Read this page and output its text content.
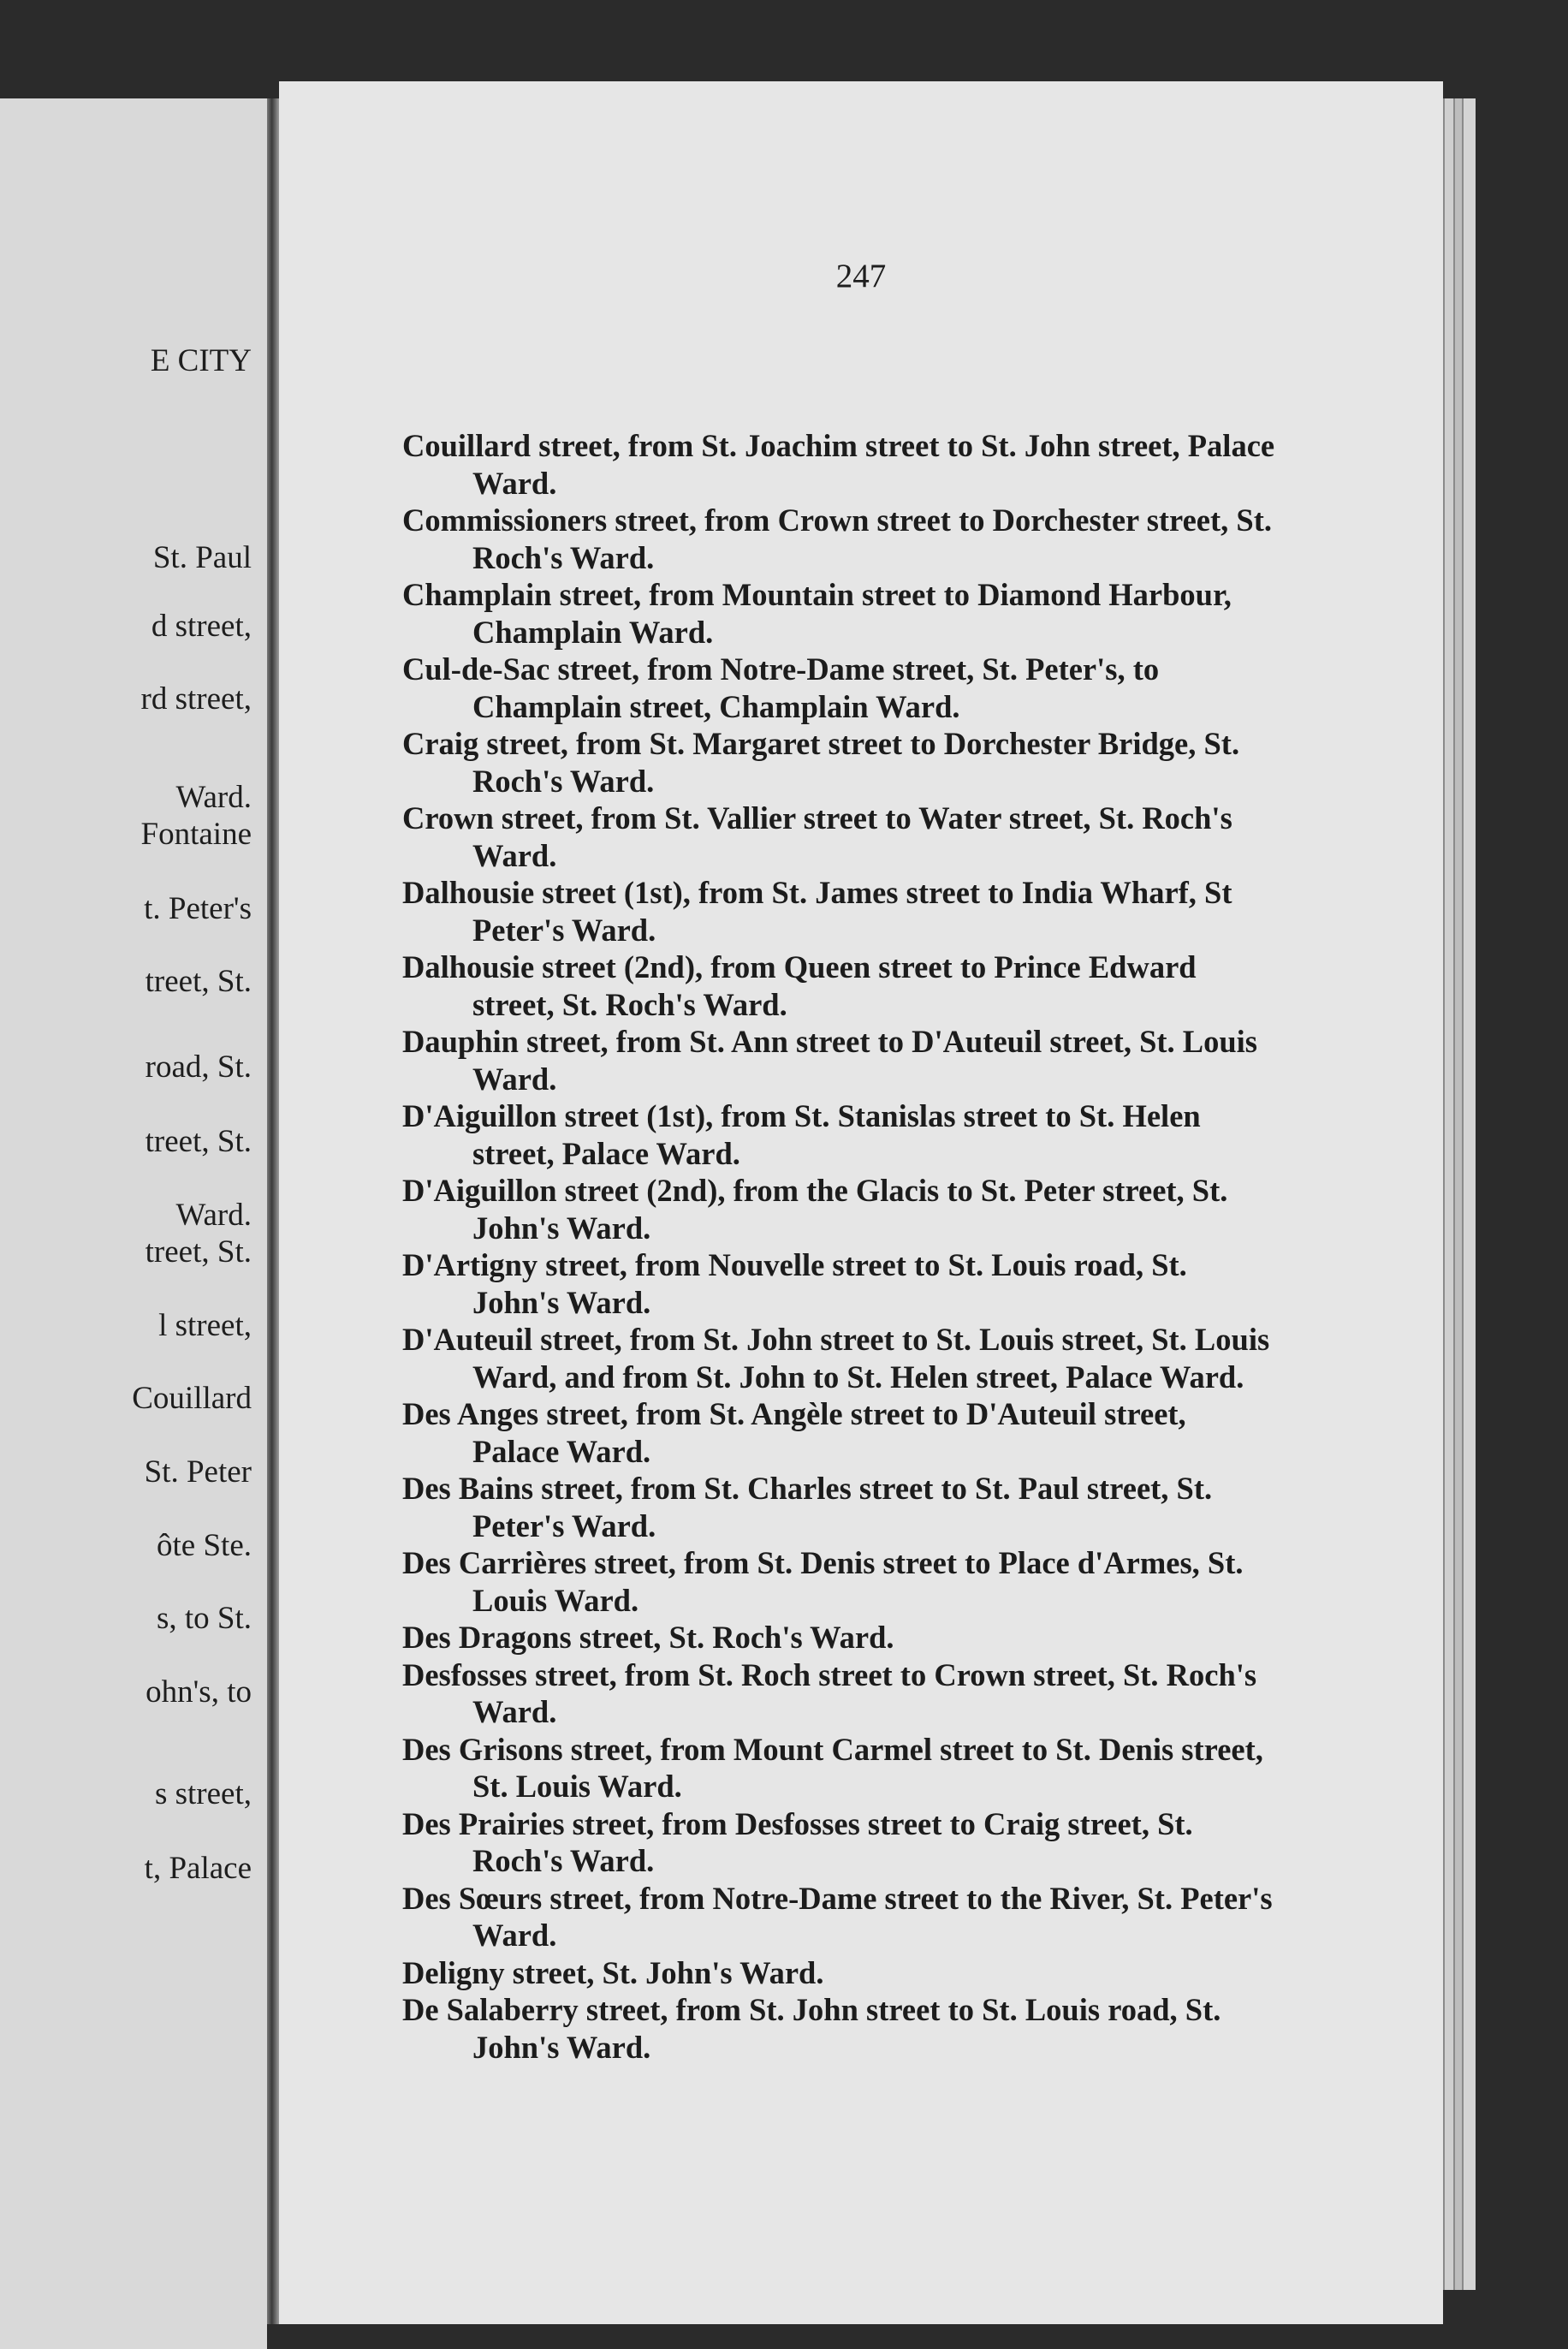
E CITY
St. Paul
d street,
rd street,
Ward.
Fontaine
t. Peter's
treet, St.
road, St.
treet, St.
Ward.
treet, St.
l street,
Couillard
St. Peter
ôte Ste.
s, to St.
ohn's, to
s street,
t, Palace
247

Couillard street, from St. Joachim street to St. John street, Palace Ward.

Commissioners street, from Crown street to Dorchester street, St. Roch's Ward.

Champlain street, from Mountain street to Diamond Harbour, Champlain Ward.

Cul-de-Sac street, from Notre-Dame street, St. Peter's, to Champlain street, Champlain Ward.

Craig street, from St. Margaret street to Dorchester Bridge, St. Roch's Ward.

Crown street, from St. Vallier street to Water street, St. Roch's Ward.

Dalhousie street (1st), from St. James street to India Wharf, St Peter's Ward.

Dalhousie street (2nd), from Queen street to Prince Edward street, St. Roch's Ward.

Dauphin street, from St. Ann street to D'Auteuil street, St. Louis Ward.

D'Aiguillon street (1st), from St. Stanislas street to St. Helen street, Palace Ward.

D'Aiguillon street (2nd), from the Glacis to St. Peter street, St. John's Ward.

D'Artigny street, from Nouvelle street to St. Louis road, St. John's Ward.

D'Auteuil street, from St. John street to St. Louis street, St. Louis Ward, and from St. John to St. Helen street, Palace Ward.

Des Anges street, from St. Angèle street to D'Auteuil street, Palace Ward.

Des Bains street, from St. Charles street to St. Paul street, St. Peter's Ward.

Des Carrières street, from St. Denis street to Place d'Armes, St. Louis Ward.

Des Dragons street, St. Roch's Ward.

Desfosses street, from St. Roch street to Crown street, St. Roch's Ward.

Des Grisons street, from Mount Carmel street to St. Denis street, St. Louis Ward.

Des Prairies street, from Desfosses street to Craig street, St. Roch's Ward.

Des Sœurs street, from Notre-Dame street to the River, St. Peter's Ward.

Deligny street, St. John's Ward.

De Salaberry street, from St. John street to St. Louis road, St. John's Ward.
